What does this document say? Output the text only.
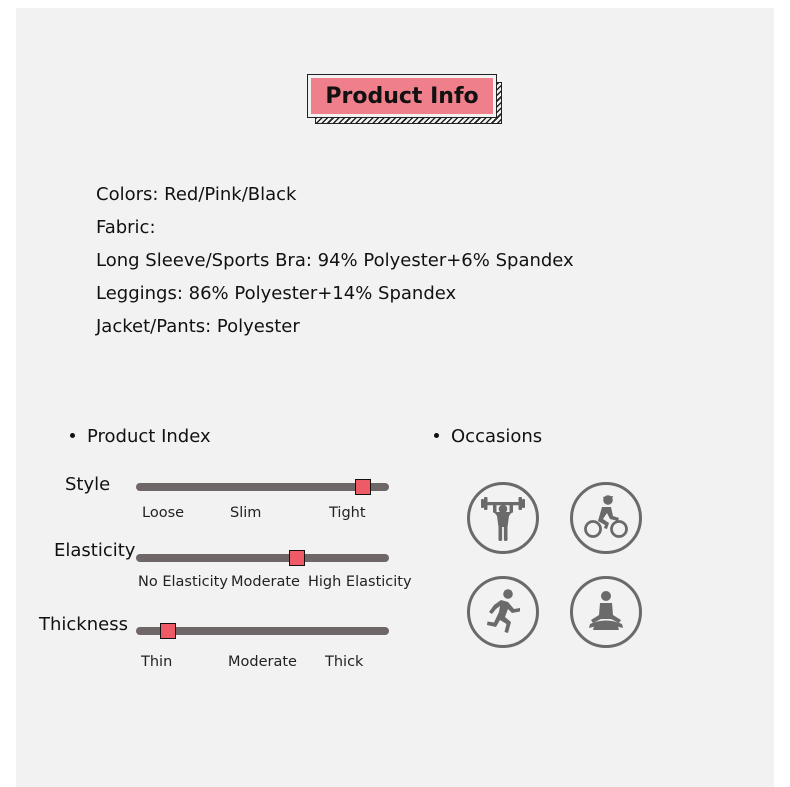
Product Info
Colors: Red/Pink/Black
Fabric:
Long Sleeve/Sports Bra: 94% Polyester+6% Spandex
Leggings: 86% Polyester+14% Spandex
Jacket/Pants: Polyester
Product Index
Style
Loose	Slim	Tight
Elasticity
No Elasticity Moderate High Elasticity
Thickness
Thin	Moderate Thick
Occasions
